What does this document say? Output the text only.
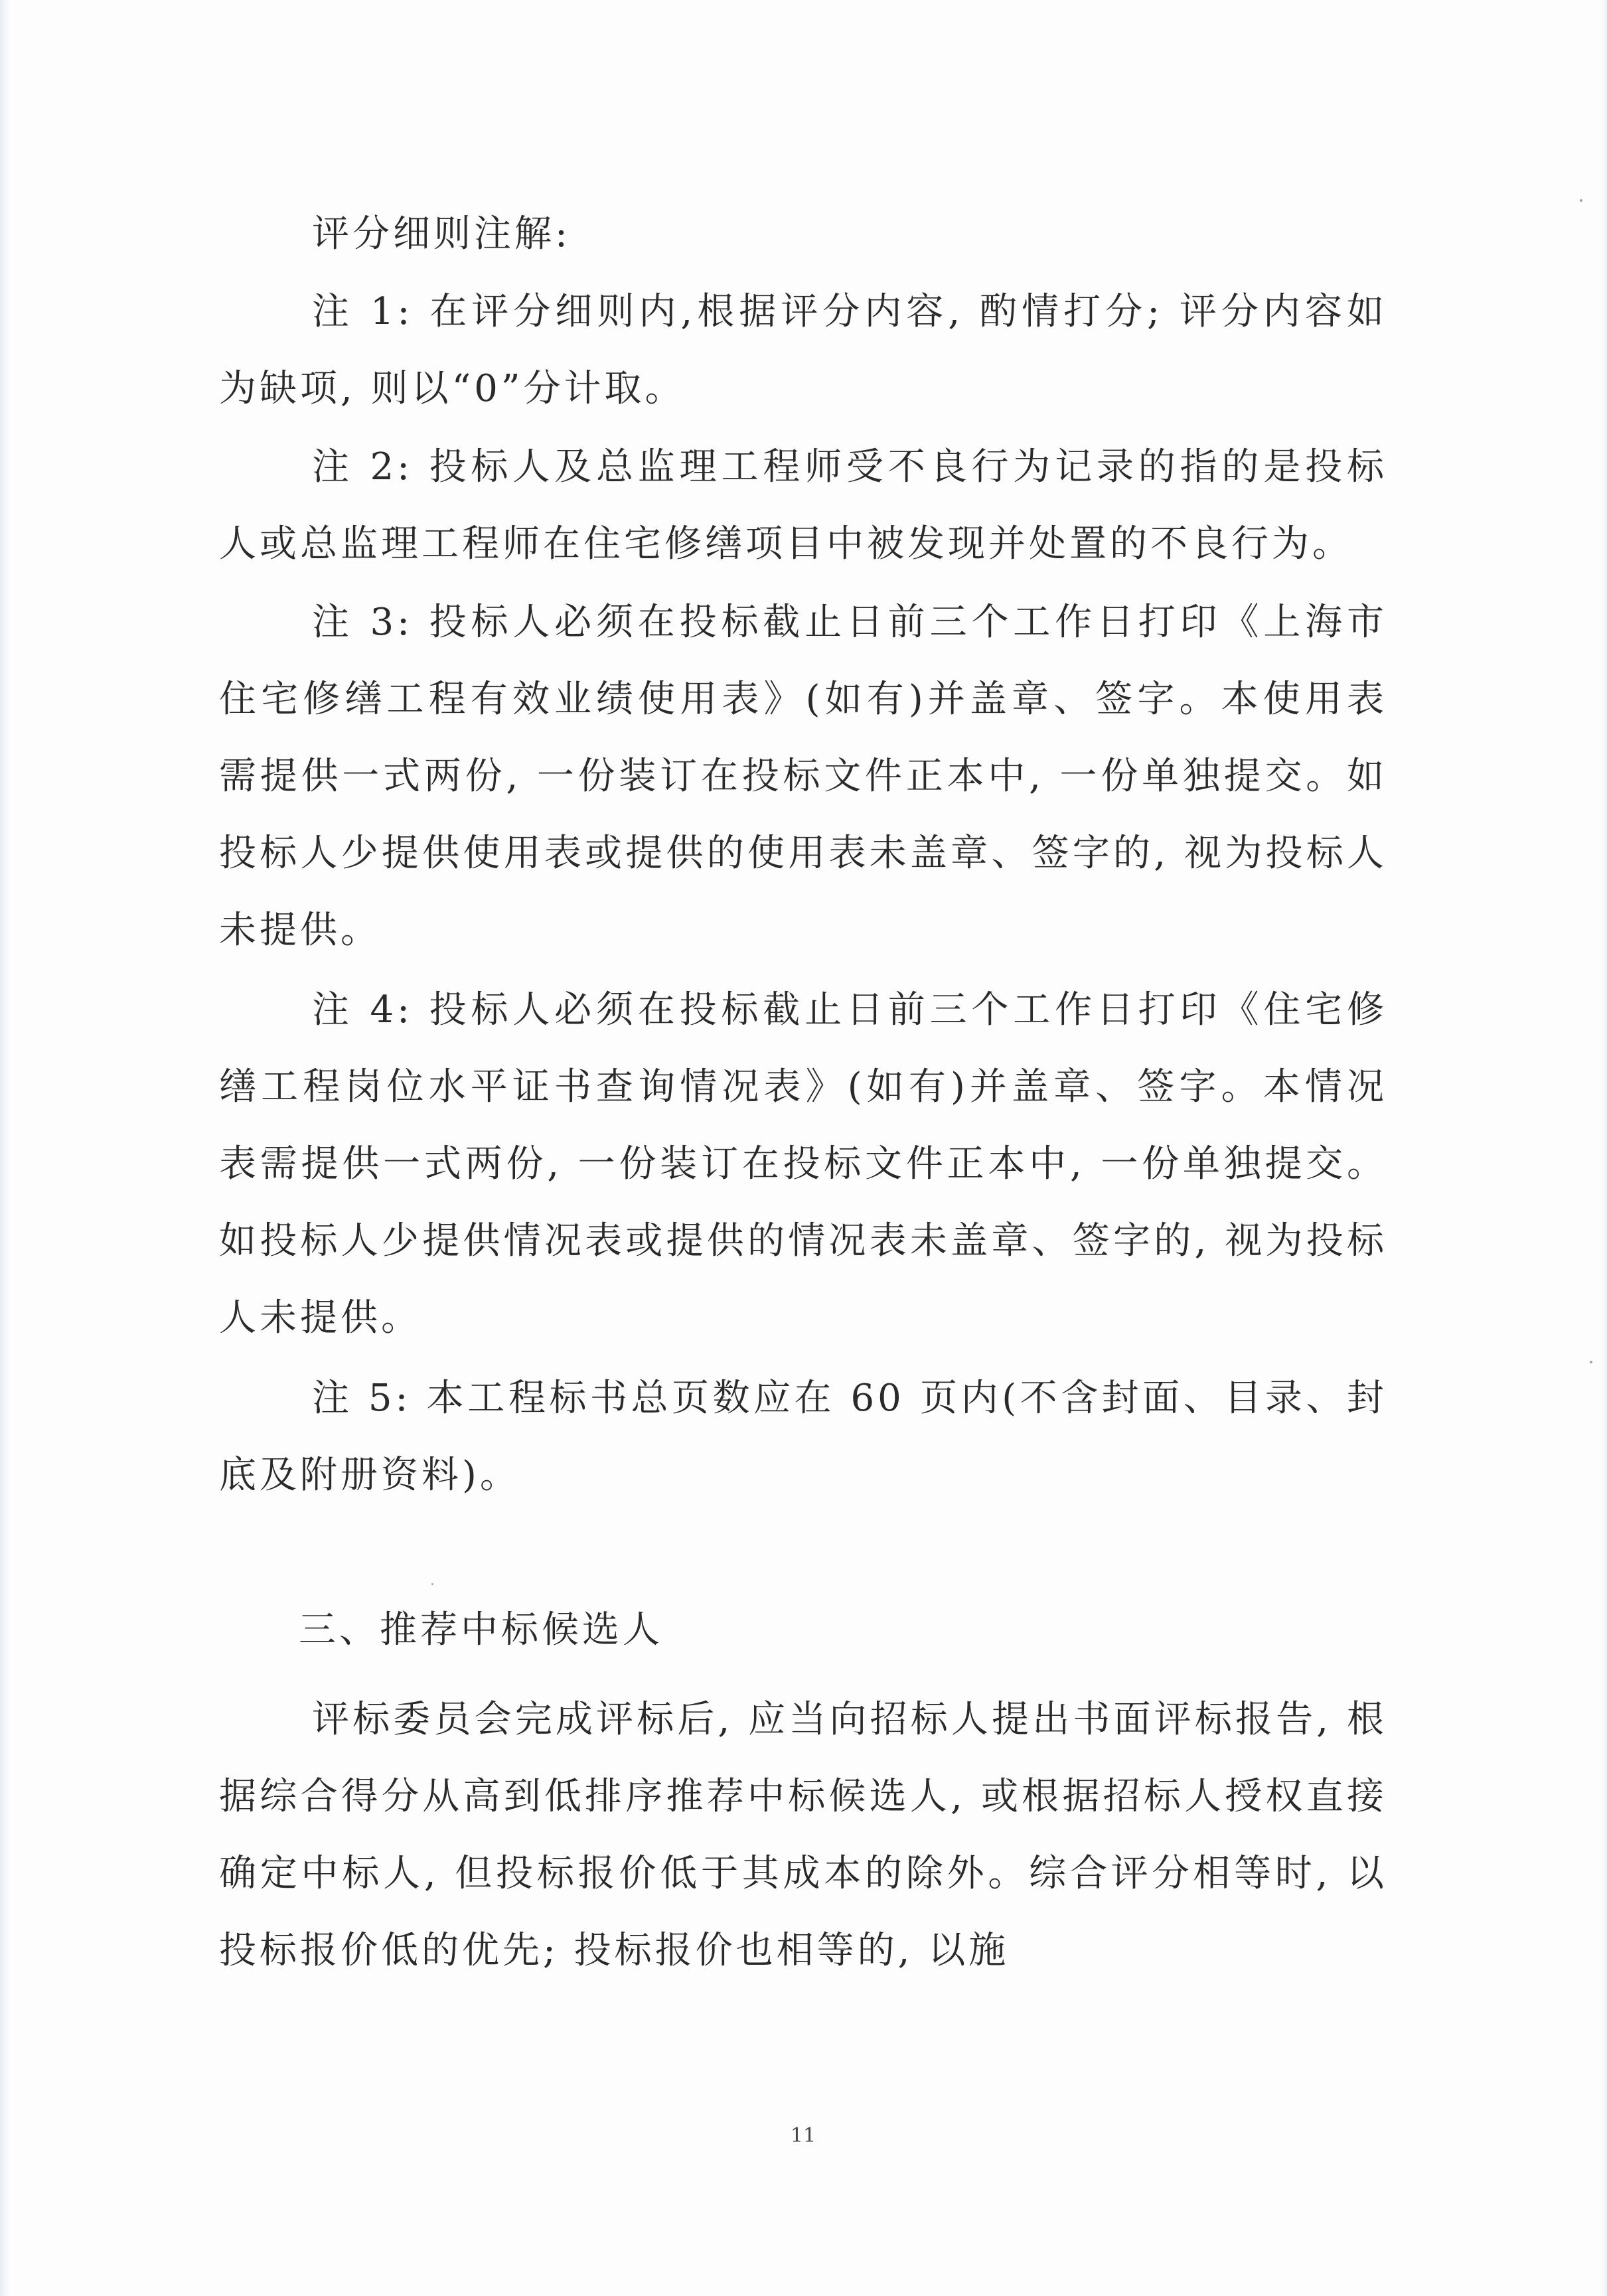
评分细则注解:

注 1: 在评分细则内,根据评分内容, 酌情打分; 评分内容如为缺项, 则以“0”分计取。

注 2: 投标人及总监理工程师受不良行为记录的指的是投标人或总监理工程师在住宅修缮项目中被发现并处置的不良行为。

注 3: 投标人必须在投标截止日前三个工作日打印《上海市住宅修缮工程有效业绩使用表》(如有)并盖章、签字。本使用表需提供一式两份, 一份装订在投标文件正本中, 一份单独提交。如投标人少提供使用表或提供的使用表未盖章、签字的, 视为投标人未提供。

注 4: 投标人必须在投标截止日前三个工作日打印《住宅修缮工程岗位水平证书查询情况表》(如有)并盖章、签字。本情况表需提供一式两份, 一份装订在投标文件正本中, 一份单独提交。如投标人少提供情况表或提供的情况表未盖章、签字的, 视为投标人未提供。

注 5: 本工程标书总页数应在 60 页内(不含封面、目录、封底及附册资料)。

三、推荐中标候选人

评标委员会完成评标后, 应当向招标人提出书面评标报告, 根据综合得分从高到低排序推荐中标候选人, 或根据招标人授权直接确定中标人, 但投标报价低于其成本的除外。综合评分相等时, 以投标报价低的优先; 投标报价也相等的, 以施

11
